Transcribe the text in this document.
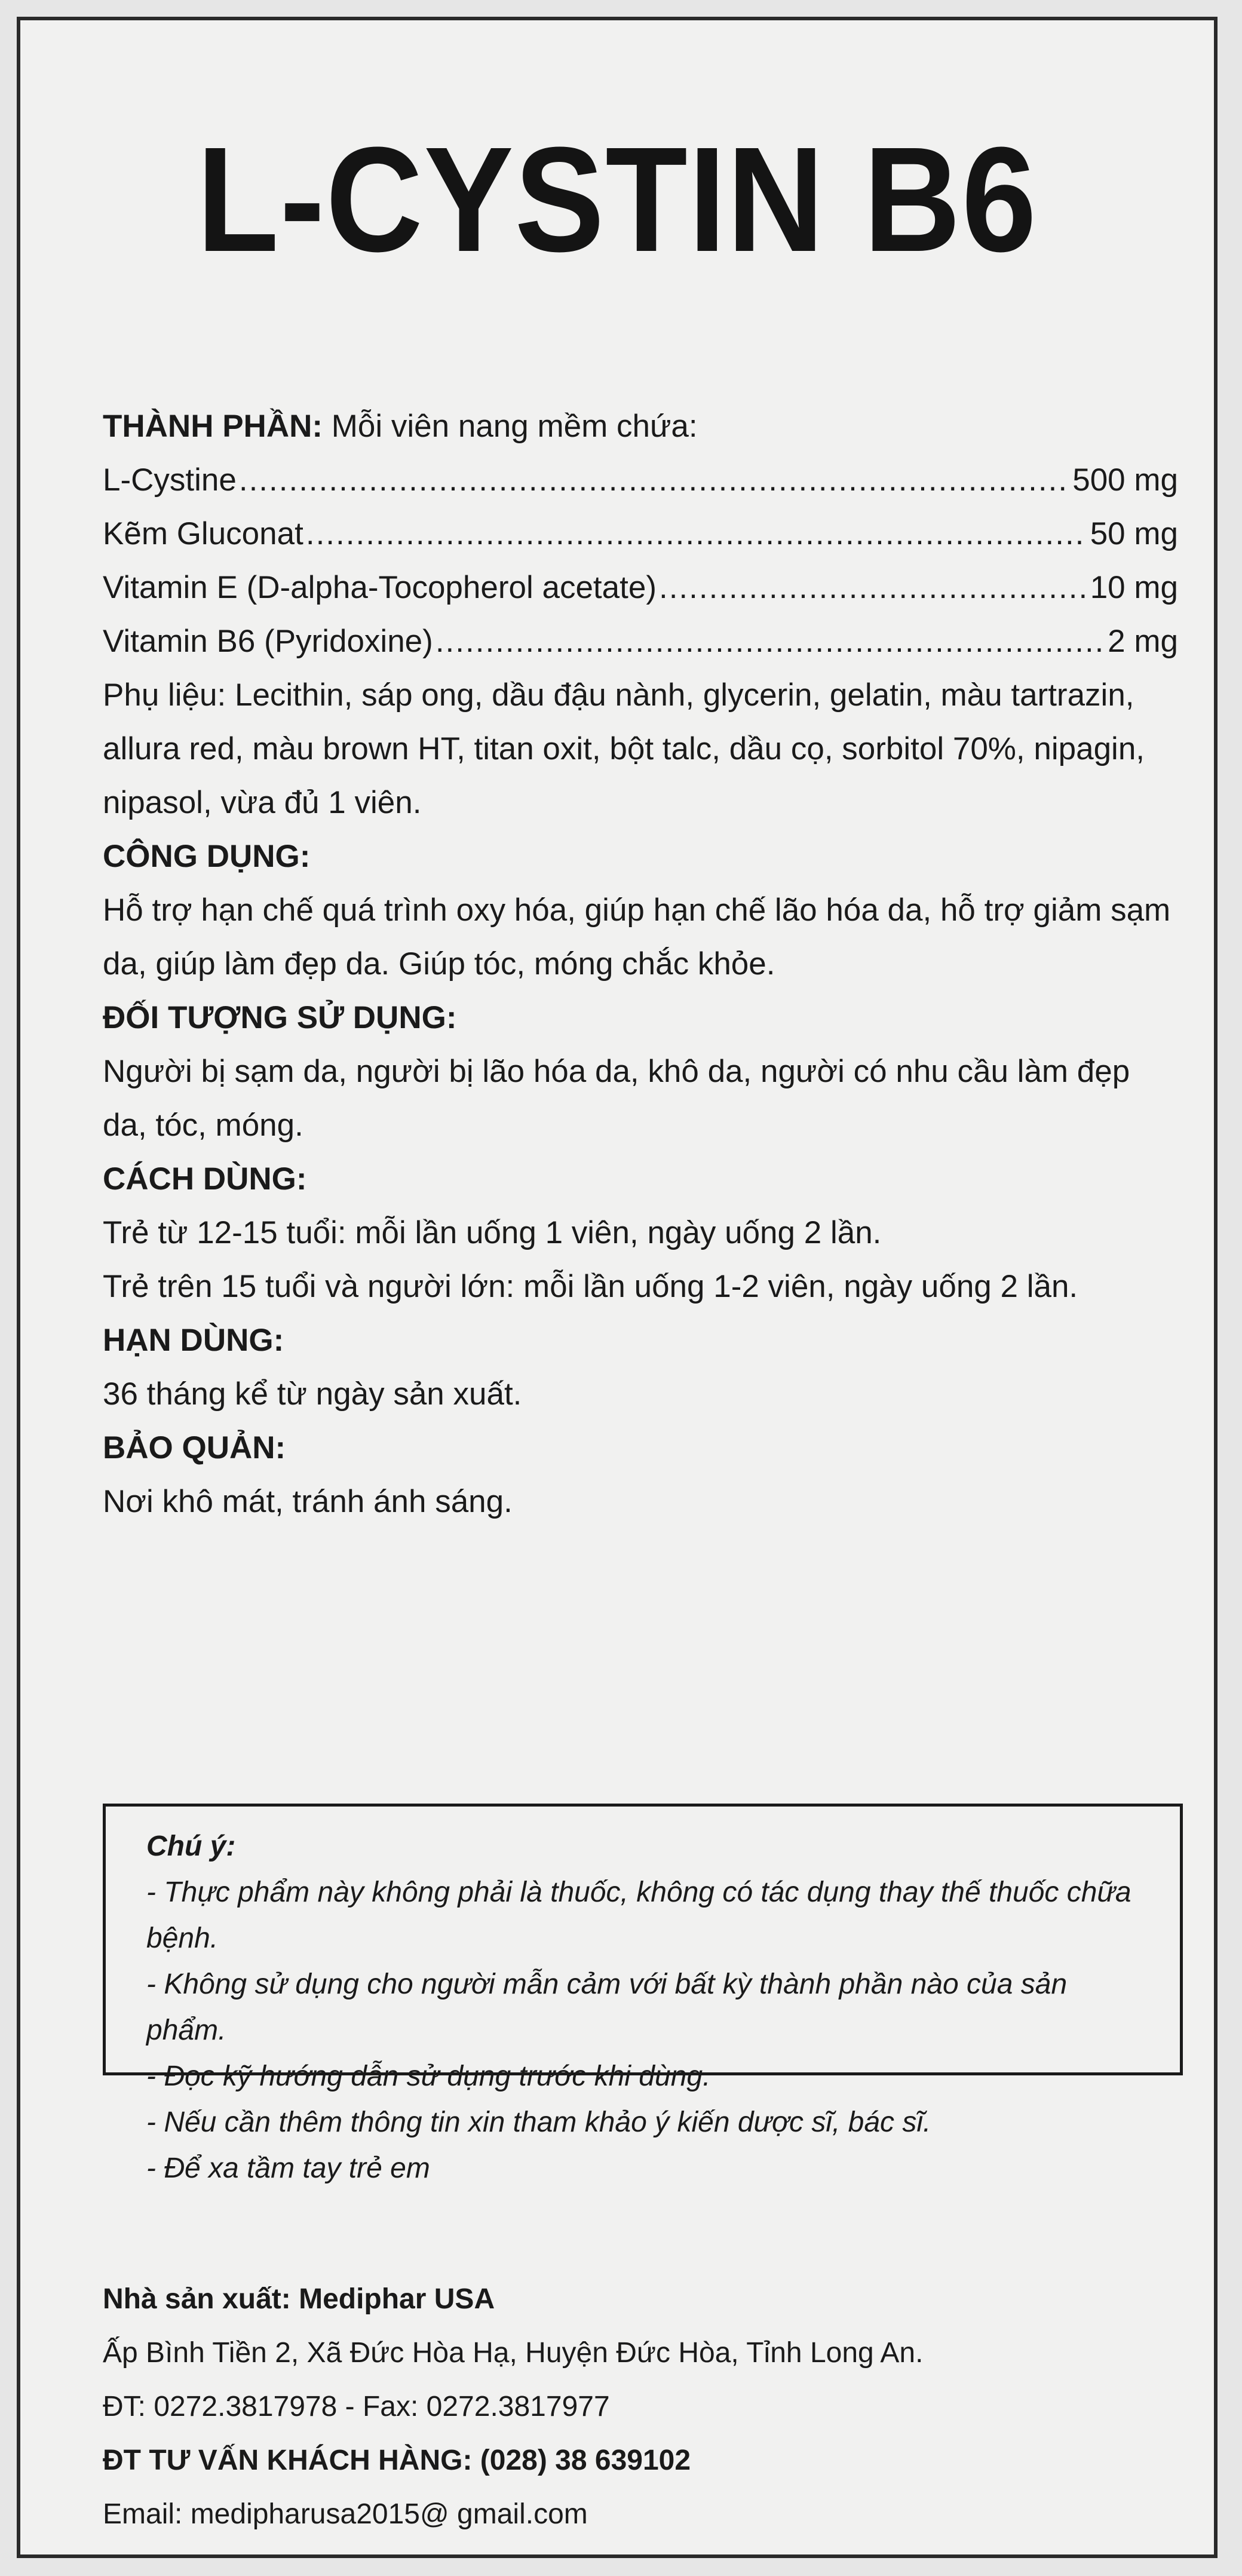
L-CYSTIN B6
THÀNH PHẦN: Mỗi viên nang mềm chứa:
L-Cystine .....	500 mg
Kẽm Gluconat .....	50 mg
Vitamin E (D-alpha-Tocopherol acetate) .....	10 mg
Vitamin B6 (Pyridoxine) .....	2 mg
Phụ liệu: Lecithin, sáp ong, dầu đậu nành, glycerin, gelatin, màu tartrazin, allura red, màu brown HT, titan oxit, bột talc, dầu cọ, sorbitol 70%, nipagin, nipasol, vừa đủ 1 viên.
CÔNG DỤNG:
Hỗ trợ hạn chế quá trình oxy hóa, giúp hạn chế lão hóa da, hỗ trợ giảm sạm da, giúp làm đẹp da. Giúp tóc, móng chắc khỏe.
ĐỐI TƯỢNG SỬ DỤNG:
Người bị sạm da, người bị lão hóa da, khô da, người có nhu cầu làm đẹp da, tóc, móng.
CÁCH DÙNG:
Trẻ từ 12-15 tuổi: mỗi lần uống 1 viên, ngày uống 2 lần.
Trẻ trên 15 tuổi và người lớn: mỗi lần uống 1-2 viên, ngày uống 2 lần.
HẠN DÙNG:
36 tháng kể từ ngày sản xuất.
BẢO QUẢN:
Nơi khô mát, tránh ánh sáng.
Chú ý:
- Thực phẩm này không phải là thuốc, không có tác dụng thay thế thuốc chữa bệnh.
- Không sử dụng cho người mẫn cảm với bất kỳ thành phần nào của sản phẩm.
- Đọc kỹ hướng dẫn sử dụng trước khi dùng.
- Nếu cần thêm thông tin xin tham khảo ý kiến dược sĩ, bác sĩ.
- Để xa tầm tay trẻ em
Nhà sản xuất: Mediphar USA
Ấp Bình Tiền 2, Xã Đức Hòa Hạ, Huyện Đức Hòa, Tỉnh Long An.
ĐT: 0272.3817978 - Fax: 0272.3817977
ĐT TƯ VẤN KHÁCH HÀNG: (028) 38 639102
Email: medipharusa2015@ gmail.com
